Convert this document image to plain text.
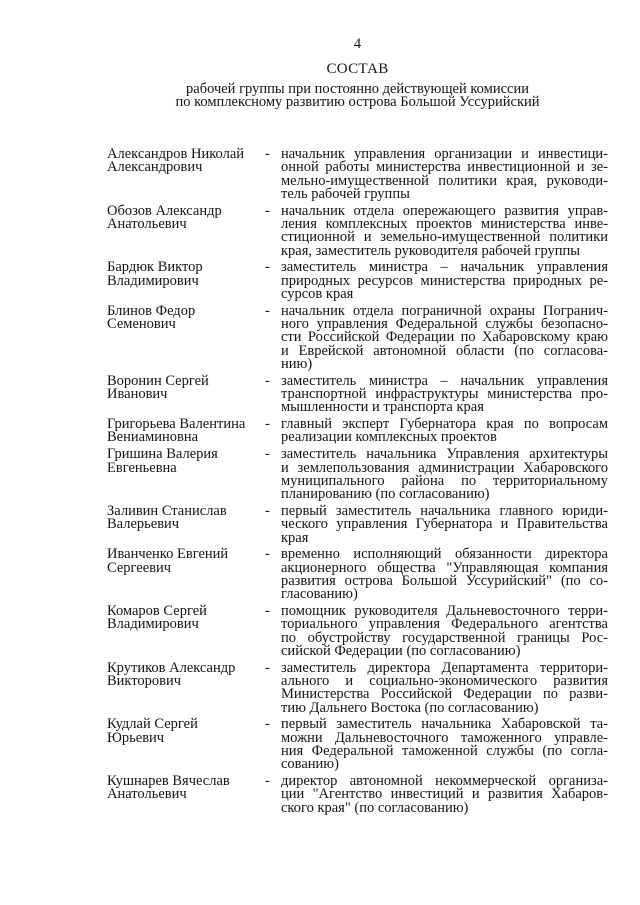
4
СОСТАВ
рабочей группы при постоянно действующей комиссии
по комплексному развитию острова Большой Уссурийский
Александров Николай
Александрович
- начальник управления организации и инвестици-
онной работы министерства инвестиционной и зе-
мельно-имущественной политики края, руководи-
тель рабочей группы
Обозов Александр
Анатольевич
- начальник отдела опережающего развития управ-
ления комплексных проектов министерства инве-
стиционной и земельно-имущественной политики
края, заместитель руководителя рабочей группы
Бардюк Виктор
Владимирович
- заместитель министра – начальник управления
природных ресурсов министерства природных ре-
сурсов края
Блинов Федор
Семенович
- начальник отдела пограничной охраны Погранич-
ного управления Федеральной службы безопасно-
сти Российской Федерации по Хабаровскому краю
и Еврейской автономной области (по согласова-
нию)
Воронин Сергей
Иванович
- заместитель министра – начальник управления
транспортной инфраструктуры министерства про-
мышленности и транспорта края
Григорьева Валентина
Вениаминовна
- главный эксперт Губернатора края по вопросам
реализации комплексных проектов
Гришина Валерия
Евгеньевна
- заместитель начальника Управления архитектуры
и землепользования администрации Хабаровского
муниципального района по территориальному
планированию (по согласованию)
Заливин Станислав
Валерьевич
- первый заместитель начальника главного юриди-
ческого управления Губернатора и Правительства
края
Иванченко Евгений
Сергеевич
- временно исполняющий обязанности директора
акционерного общества "Управляющая компания
развития острова Большой Уссурийский" (по со-
гласованию)
Комаров Сергей
Владимирович
- помощник руководителя Дальневосточного терри-
ториального управления Федерального агентства
по обустройству государственной границы Рос-
сийской Федерации (по согласованию)
Крутиков Александр
Викторович
- заместитель директора Департамента территори-
ального и социально-экономического развития
Министерства Российской Федерации по разви-
тию Дальнего Востока (по согласованию)
Кудлай Сергей
Юрьевич
- первый заместитель начальника Хабаровской та-
можни Дальневосточного таможенного управле-
ния Федеральной таможенной службы (по согла-
сованию)
Кушнарев Вячеслав
Анатольевич
- директор автономной некоммерческой организа-
ции "Агентство инвестиций и развития Хабаров-
ского края" (по согласованию)
